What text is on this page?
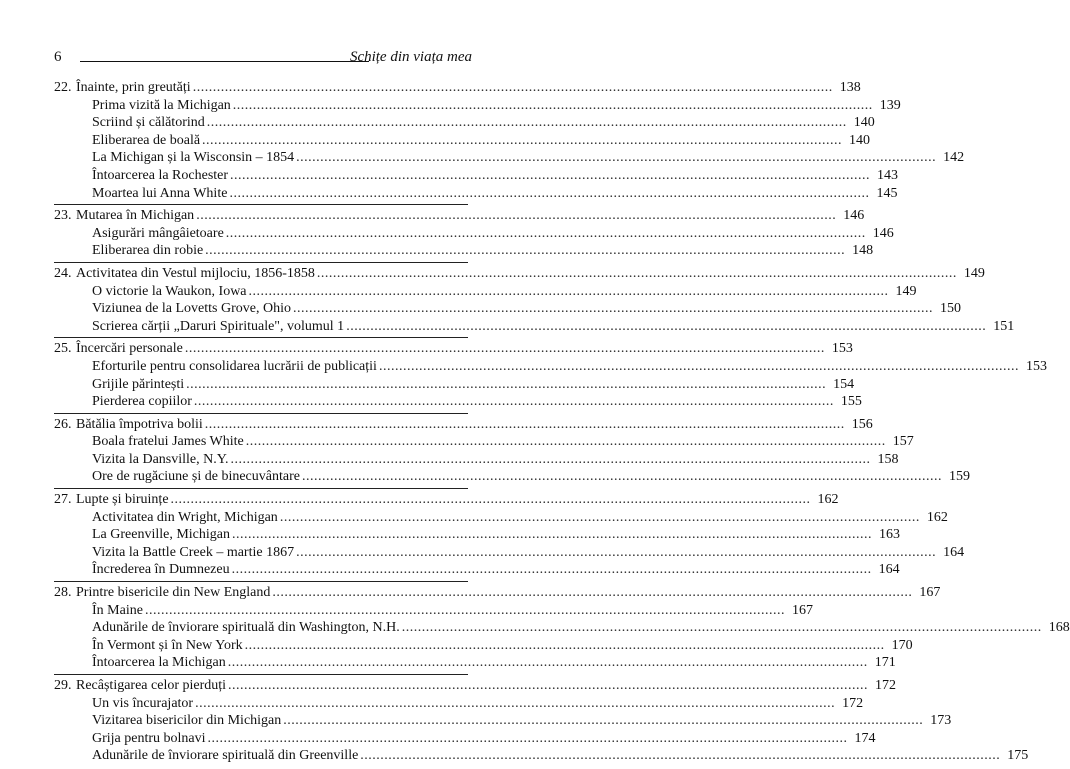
6	Schițe din viața mea
22. Înainte, prin greutăți .....	138
Prima vizită la Michigan .....	139
Scriind și călătorind .....	140
Eliberarea de boală .....	140
La Michigan și la Wisconsin – 1854 .....	142
Întoarcerea la Rochester .....	143
Moartea lui Anna White .....	145
23. Mutarea în Michigan .....	146
Asigurări mângâietoare .....	146
Eliberarea din robie .....	148
24. Activitatea din Vestul mijlociu, 1856-1858 .....	149
O victorie la Waukon, Iowa .....	149
Viziunea de la Lovetts Grove, Ohio .....	150
Scrierea cărții „Daruri Spirituale", volumul 1 .....	151
25. Încercări personale .....	153
Eforturile pentru consolidarea lucrării de publicații .....	153
Grijile părintești .....	154
Pierderea copiilor .....	155
26. Bătălia împotriva bolii .....	156
Boala fratelui James White .....	157
Vizita la Dansville, N.Y. .....	158
Ore de rugăciune și de binecuvântare .....	159
27. Lupte și biruințe .....	162
Activitatea din Wright, Michigan .....	162
La Greenville, Michigan .....	163
Vizita la Battle Creek – martie 1867 .....	164
Încrederea în Dumnezeu .....	164
28. Printre bisericile din New England .....	167
În Maine .....	167
Adunările de înviorare spirituală din Washington, N.H. .....	168
În Vermont și în New York .....	170
Întoarcerea la Michigan .....	171
29. Recâștigarea celor pierduți .....	172
Un vis încurajator .....	172
Vizitarea bisericilor din Michigan .....	173
Grija pentru bolnavi .....	174
Adunările de înviorare spirituală din Greenville .....	175
